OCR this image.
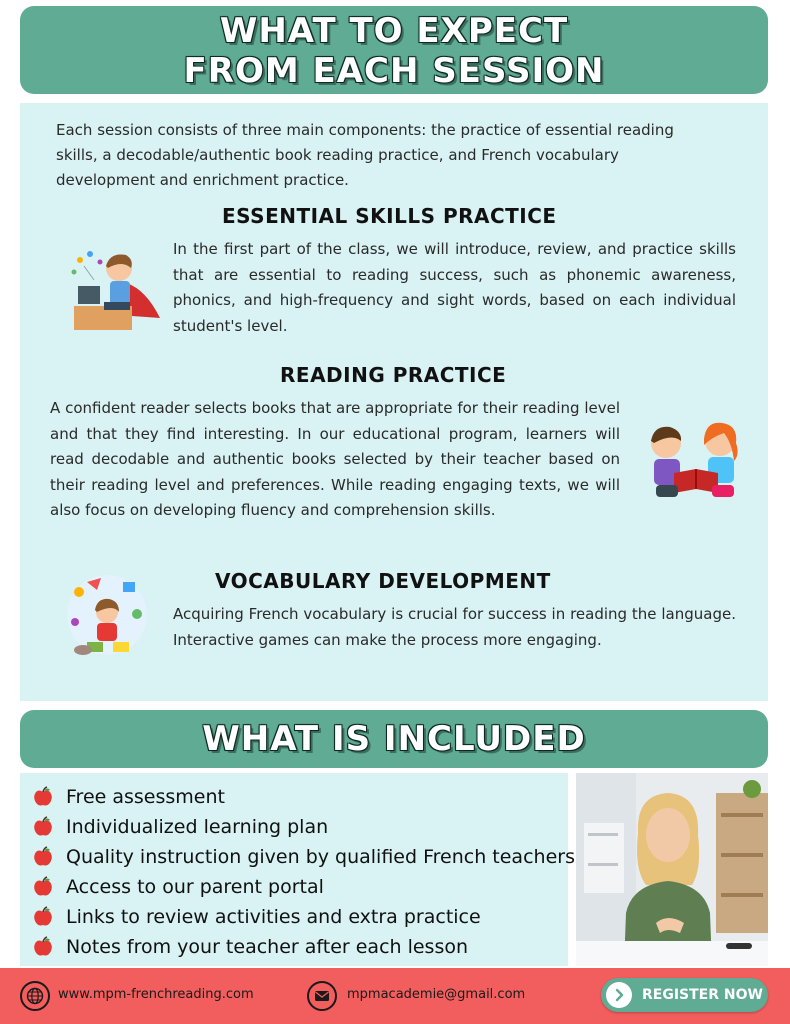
WHAT TO EXPECT
FROM EACH SESSION
Each session consists of three main components: the practice of essential reading skills, a decodable/authentic book reading practice, and French vocabulary development and enrichment practice.
ESSENTIAL SKILLS PRACTICE
In the first part of the class, we will introduce, review, and practice skills that are essential to reading success, such as phonemic awareness, phonics, and high-frequency and sight words, based on each individual student's level.
READING PRACTICE
A confident reader selects books that are appropriate for their reading level and that they find interesting. In our educational program, learners will read decodable and authentic books selected by their teacher based on their reading level and preferences. While reading engaging texts, we will also focus on developing fluency and comprehension skills.
VOCABULARY DEVELOPMENT
Acquiring French vocabulary is crucial for success in reading the language. Interactive games can make the process more engaging.
WHAT IS INCLUDED
Free assessment
Individualized learning plan
Quality instruction given by qualified French teachers
Access to our parent portal
Links to review activities and extra practice
Notes from your teacher after each lesson
www.mpm-frenchreading.com	mpmacademie@gmail.com	REGISTER NOW
